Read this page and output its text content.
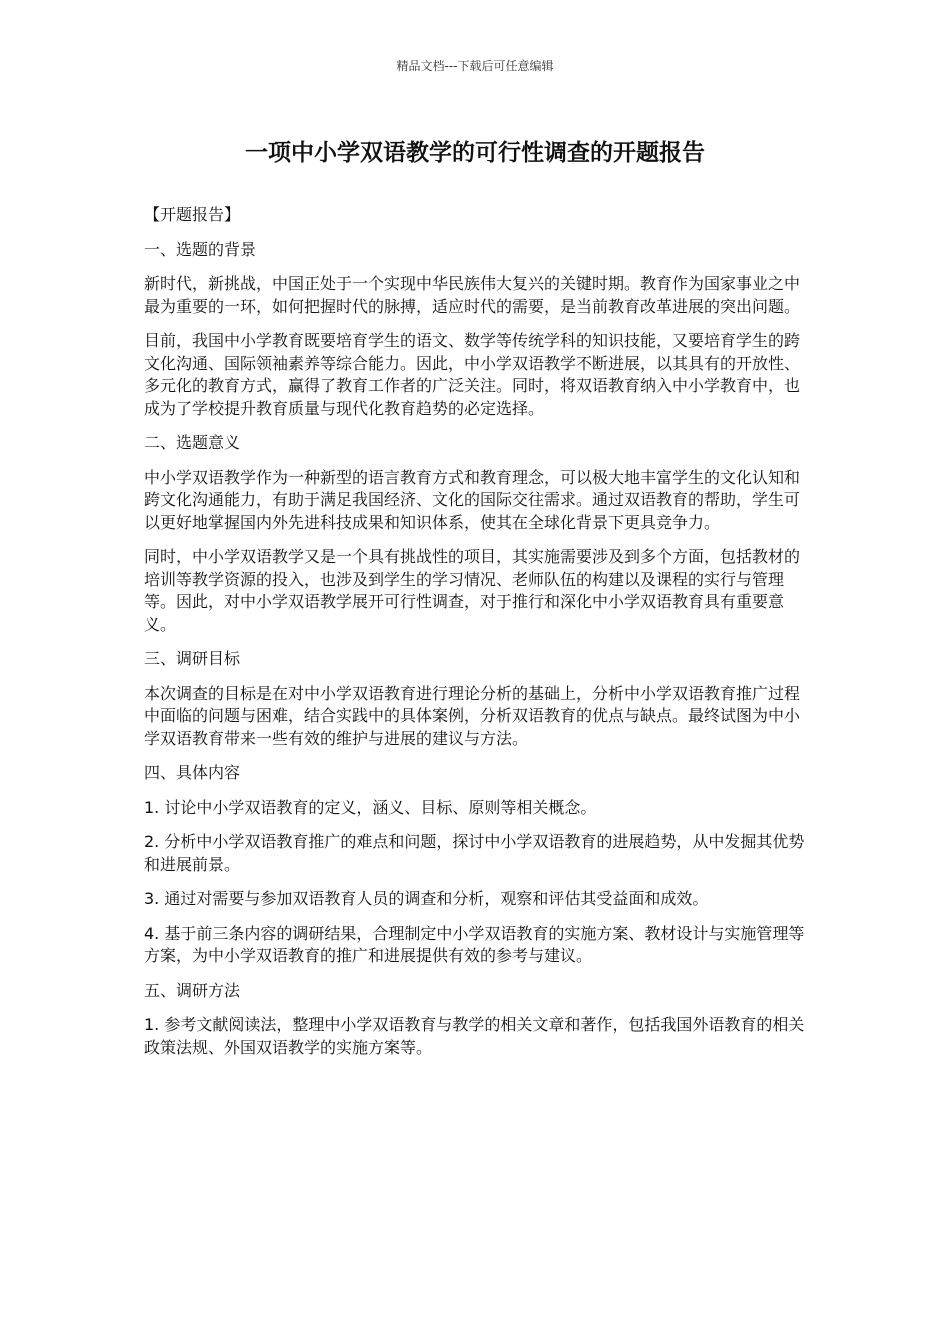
精品文档---下载后可任意编辑
一项中小学双语教学的可行性调查的开题报告

【开题报告】

一、选题的背景

新时代，新挑战，中国正处于一个实现中华民族伟大复兴的关键时期。教育作为国家事业之中最为重要的一环，如何把握时代的脉搏，适应时代的需要，是当前教育改革进展的突出问题。

目前，我国中小学教育既要培育学生的语文、数学等传统学科的知识技能，又要培育学生的跨文化沟通、国际领袖素养等综合能力。因此，中小学双语教学不断进展，以其具有的开放性、多元化的教育方式，赢得了教育工作者的广泛关注。同时，将双语教育纳入中小学教育中，也成为了学校提升教育质量与现代化教育趋势的必定选择。

二、选题意义

中小学双语教学作为一种新型的语言教育方式和教育理念，可以极大地丰富学生的文化认知和跨文化沟通能力，有助于满足我国经济、文化的国际交往需求。通过双语教育的帮助，学生可以更好地掌握国内外先进科技成果和知识体系，使其在全球化背景下更具竞争力。

同时，中小学双语教学又是一个具有挑战性的项目，其实施需要涉及到多个方面，包括教材的培训等教学资源的投入，也涉及到学生的学习情况、老师队伍的构建以及课程的实行与管理等。因此，对中小学双语教学展开可行性调查，对于推行和深化中小学双语教育具有重要意义。

三、调研目标

本次调查的目标是在对中小学双语教育进行理论分析的基础上，分析中小学双语教育推广过程中面临的问题与困难，结合实践中的具体案例，分析双语教育的优点与缺点。最终试图为中小学双语教育带来一些有效的维护与进展的建议与方法。

四、具体内容

1. 讨论中小学双语教育的定义，涵义、目标、原则等相关概念。

2. 分析中小学双语教育推广的难点和问题，探讨中小学双语教育的进展趋势，从中发掘其优势和进展前景。

3. 通过对需要与参加双语教育人员的调查和分析，观察和评估其受益面和成效。

4. 基于前三条内容的调研结果，合理制定中小学双语教育的实施方案、教材设计与实施管理等方案，为中小学双语教育的推广和进展提供有效的参考与建议。

五、调研方法

1. 参考文献阅读法，整理中小学双语教育与教学的相关文章和著作，包括我国外语教育的相关政策法规、外国双语教学的实施方案等。
